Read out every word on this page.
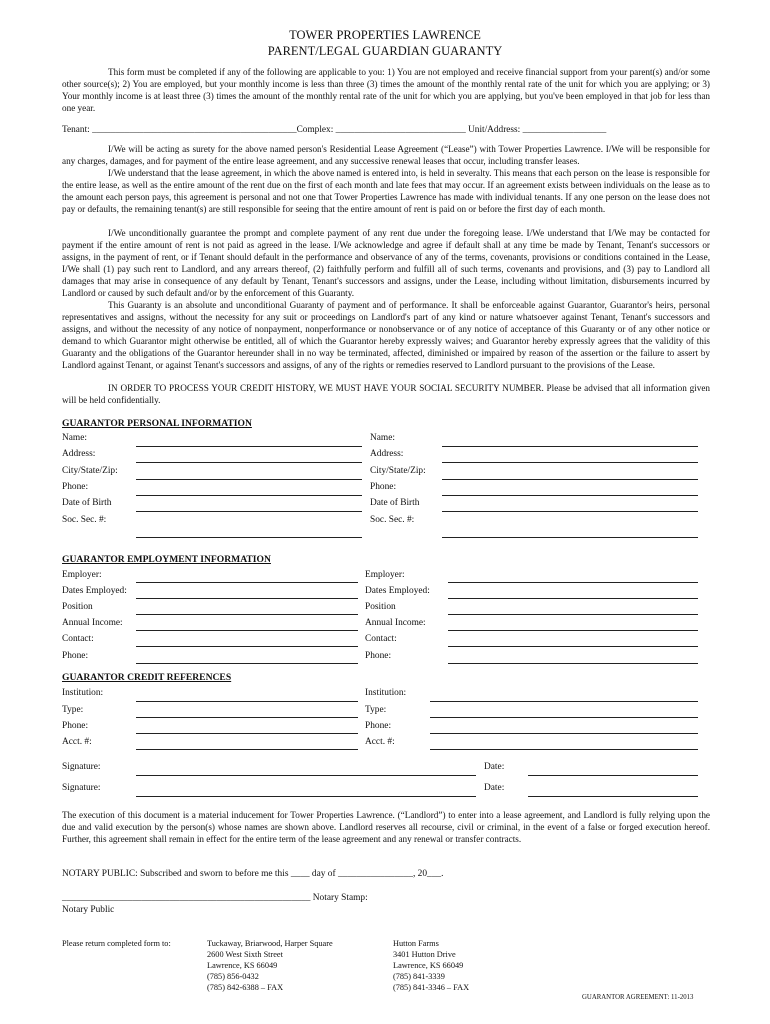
TOWER PROPERTIES LAWRENCE
PARENT/LEGAL GUARDIAN GUARANTY
This form must be completed if any of the following are applicable to you: 1) You are not employed and receive financial support from your parent(s) and/or some other source(s); 2) You are employed, but your monthly income is less than three (3) times the amount of the monthly rental rate of the unit for which you are applying; or 3) Your monthly income is at least three (3) times the amount of the monthly rental rate of the unit for which you are applying, but you've been employed in that job for less than one year.
Tenant: ____________________________________________Complex: ____________________________ Unit/Address: __________________
I/We will be acting as surety for the above named person's Residential Lease Agreement (“Lease”) with Tower Properties Lawrence. I/We will be responsible for any charges, damages, and for payment of the entire lease agreement, and any successive renewal leases that occur, including transfer leases.
I/We understand that the lease agreement, in which the above named is entered into, is held in severalty. This means that each person on the lease is responsible for the entire lease, as well as the entire amount of the rent due on the first of each month and late fees that may occur. If an agreement exists between individuals on the lease as to the amount each person pays, this agreement is personal and not one that Tower Properties Lawrence has made with individual tenants. If any one person on the lease does not pay or defaults, the remaining tenant(s) are still responsible for seeing that the entire amount of rent is paid on or before the first day of each month.
I/We unconditionally guarantee the prompt and complete payment of any rent due under the foregoing lease. I/We understand that I/We may be contacted for payment if the entire amount of rent is not paid as agreed in the lease. I/We acknowledge and agree if default shall at any time be made by Tenant, Tenant's successors or assigns, in the payment of rent, or if Tenant should default in the performance and observance of any of the terms, covenants, provisions or conditions contained in the Lease, I/We shall (1) pay such rent to Landlord, and any arrears thereof, (2) faithfully perform and fulfill all of such terms, covenants and provisions, and (3) pay to Landlord all damages that may arise in consequence of any default by Tenant, Tenant's successors and assigns, under the Lease, including without limitation, disbursements incurred by Landlord or caused by such default and/or by the enforcement of this Guaranty.
This Guaranty is an absolute and unconditional Guaranty of payment and of performance. It shall be enforceable against Guarantor, Guarantor's heirs, personal representatives and assigns, without the necessity for any suit or proceedings on Landlord's part of any kind or nature whatsoever against Tenant, Tenant's successors and assigns, and without the necessity of any notice of nonpayment, nonperformance or nonobservance or of any notice of acceptance of this Guaranty or of any other notice or demand to which Guarantor might otherwise be entitled, all of which the Guarantor hereby expressly waives; and Guarantor hereby expressly agrees that the validity of this Guaranty and the obligations of the Guarantor hereunder shall in no way be terminated, affected, diminished or impaired by reason of the assertion or the failure to assert by Landlord against Tenant, or against Tenant's successors and assigns, of any of the rights or remedies reserved to Landlord pursuant to the provisions of the Lease.
IN ORDER TO PROCESS YOUR CREDIT HISTORY, WE MUST HAVE YOUR SOCIAL SECURITY NUMBER. Please be advised that all information given will be held confidentially.
GUARANTOR PERSONAL INFORMATION
Name:	Name:
Address:	Address:
City/State/Zip:	City/State/Zip:
Phone:	Phone:
Date of Birth	Date of Birth
Soc. Sec. #:	Soc. Sec. #:
GUARANTOR EMPLOYMENT INFORMATION
Employer:	Employer:
Dates Employed:	Dates Employed:
Position	Position
Annual Income:	Annual Income:
Contact:	Contact:
Phone:	Phone:
GUARANTOR CREDIT REFERENCES
Institution:	Institution:
Type:	Type:
Phone:	Phone:
Acct. #:	Acct. #:
Signature:	Date:
Signature:	Date:
The execution of this document is a material inducement for Tower Properties Lawrence. (“Landlord”) to enter into a lease agreement, and Landlord is fully relying upon the due and valid execution by the person(s) whose names are shown above. Landlord reserves all recourse, civil or criminal, in the event of a false or forged execution hereof. Further, this agreement shall remain in effect for the entire term of the lease agreement and any renewal or transfer contracts.
NOTARY PUBLIC: Subscribed and sworn to before me this ____ day of ________________, 20___.
_____________________________________________________ Notary Stamp:
Notary Public
Please return completed form to:	Tuckaway, Briarwood, Harper Square
2600 West Sixth Street
Lawrence, KS 66049
(785) 856-0432
(785) 842-6388 – FAX
Hutton Farms
3401 Hutton Drive
Lawrence, KS 66049
(785) 841-3339
(785) 841-3346 – FAX
GUARANTOR AGREEMENT: 11-2013
